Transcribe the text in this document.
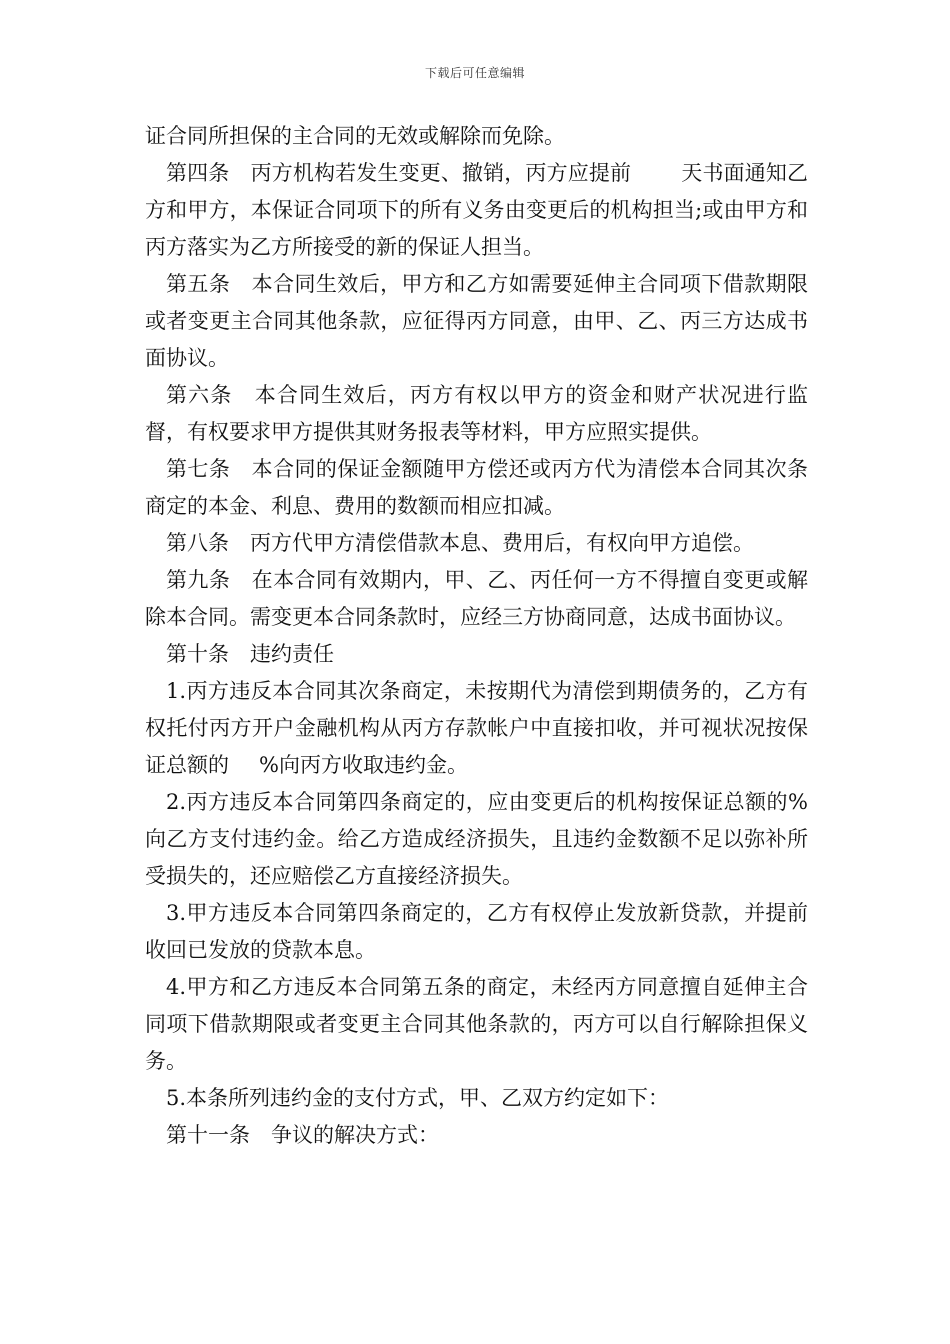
下载后可任意编辑

证合同所担保的主合同的无效或解除而免除。

第四条　丙方机构若发生变更、撤销，丙方应提前 天书面通知乙方和甲方，本保证合同项下的所有义务由变更后的机构担当;或由甲方和丙方落实为乙方所接受的新的保证人担当。

第五条　本合同生效后，甲方和乙方如需要延伸主合同项下借款期限或者变更主合同其他条款，应征得丙方同意，由甲、乙、丙三方达成书面协议。

第六条　本合同生效后，丙方有权以甲方的资金和财产状况进行监督，有权要求甲方提供其财务报表等材料，甲方应照实提供。

第七条　本合同的保证金额随甲方偿还或丙方代为清偿本合同其次条商定的本金、利息、费用的数额而相应扣减。

第八条　丙方代甲方清偿借款本息、费用后，有权向甲方追偿。

第九条　在本合同有效期内，甲、乙、丙任何一方不得擅自变更或解除本合同。需变更本合同条款时，应经三方协商同意，达成书面协议。

第十条　违约责任

1.丙方违反本合同其次条商定，未按期代为清偿到期债务的，乙方有权托付丙方开户金融机构从丙方存款帐户中直接扣收，并可视状况按保证总额的 %向丙方收取违约金。

2.丙方违反本合同第四条商定的，应由变更后的机构按保证总额的%向乙方支付违约金。给乙方造成经济损失，且违约金数额不足以弥补所受损失的，还应赔偿乙方直接经济损失。

3.甲方违反本合同第四条商定的，乙方有权停止发放新贷款，并提前收回已发放的贷款本息。

4.甲方和乙方违反本合同第五条的商定，未经丙方同意擅自延伸主合同项下借款期限或者变更主合同其他条款的，丙方可以自行解除担保义务。

5.本条所列违约金的支付方式，甲、乙双方约定如下：

第十一条　争议的解决方式：
